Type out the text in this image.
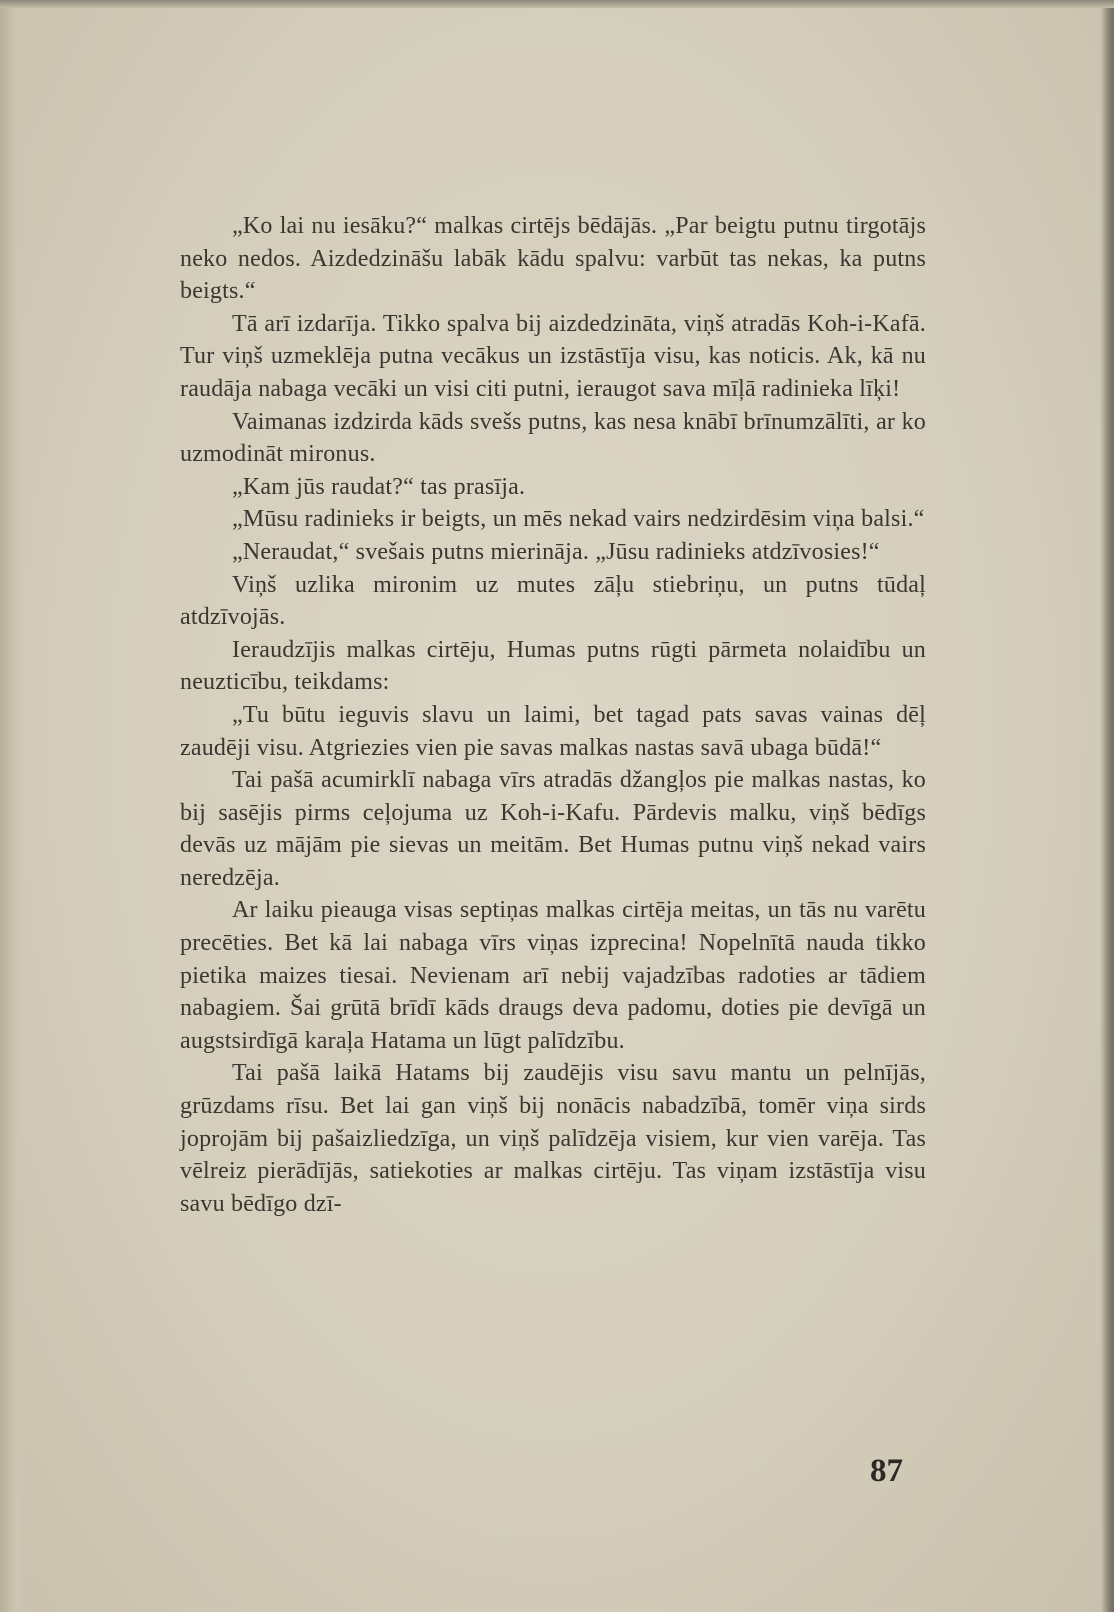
„Ko lai nu iesāku?“ malkas cirtējs bēdājās. „Par beigtu putnu tirgotājs neko nedos. Aizdedzināšu labāk kādu spalvu: varbūt tas nekas, ka putns beigts.“

Tā arī izdarīja. Tikko spalva bij aizdedzināta, viņš atradās Koh-i-Kafā. Tur viņš uzmeklēja putna vecākus un izstāstīja visu, kas noticis. Ak, kā nu raudāja nabaga vecāki un visi citi putni, ieraugot sava mīļā radinieka līķi!

Vaimanas izdzirda kāds svešs putns, kas nesa knābī brīnumzālīti, ar ko uzmodināt mironus.

„Kam jūs raudat?“ tas prasīja.

„Mūsu radinieks ir beigts, un mēs nekad vairs nedzirdēsim viņa balsi.“

„Neraudat,“ svešais putns mierināja. „Jūsu radinieks atdzīvosies!“

Viņš uzlika mironim uz mutes zāļu stiebriņu, un putns tūdaļ atdzīvojās.

Ieraudzījis malkas cirtēju, Humas putns rūgti pārmeta nolaidību un neuzticību, teikdams:

„Tu būtu ieguvis slavu un laimi, bet tagad pats savas vainas dēļ zaudēji visu. Atgriezies vien pie savas malkas nastas savā ubaga būdā!“

Tai pašā acumirklī nabaga vīrs atradās džangļos pie malkas nastas, ko bij sasējis pirms ceļojuma uz Koh-i-Kafu. Pārdevis malku, viņš bēdīgs devās uz mājām pie sievas un meitām. Bet Humas putnu viņš nekad vairs neredzēja.

Ar laiku pieauga visas septiņas malkas cirtēja meitas, un tās nu varētu precēties. Bet kā lai nabaga vīrs viņas izprecina! Nopelnītā nauda tikko pietika maizes tiesai. Nevienam arī nebij vajadzības radoties ar tādiem nabagiem. Šai grūtā brīdī kāds draugs deva padomu, doties pie devīgā un augstsirdīgā karaļa Hatama un lūgt palīdzību.

Tai pašā laikā Hatams bij zaudējis visu savu mantu un pelnījās, grūzdams rīsu. Bet lai gan viņš bij nonācis nabadzībā, tomēr viņa sirds joprojām bij pašaizliedzīga, un viņš palīdzēja visiem, kur vien varēja. Tas vēlreiz pierādījās, satiekoties ar malkas cirtēju. Tas viņam izstāstīja visu savu bēdīgo dzī-

87
